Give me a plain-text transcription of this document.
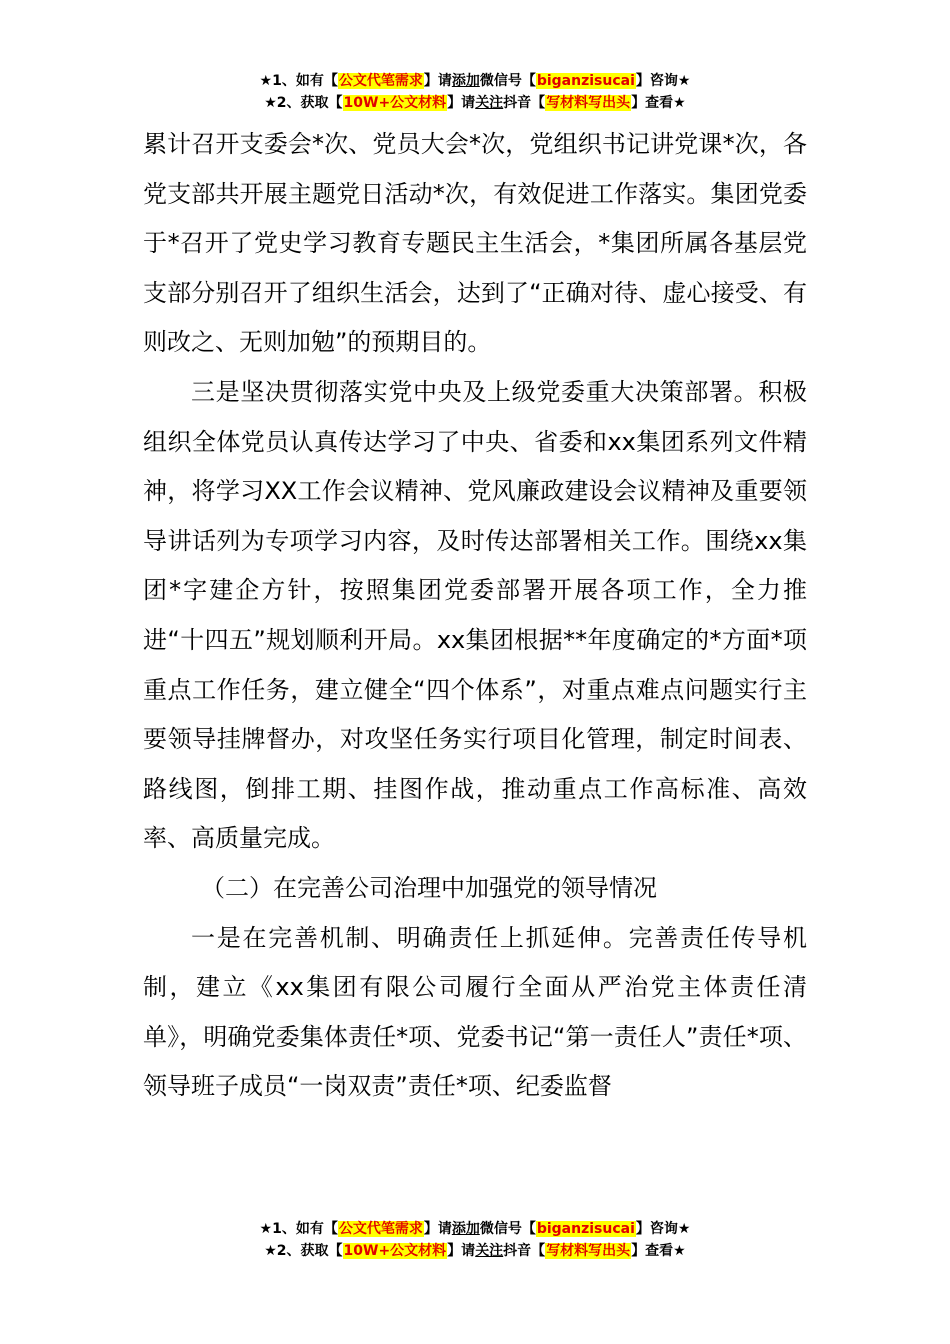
★1、如有【公文代笔需求】请添加微信号【biganzisucai】咨询★
★2、获取【10W+公文材料】请关注抖音【写材料写出头】查看★

累计召开支委会*次、党员大会*次，党组织书记讲党课*次，各党支部共开展主题党日活动*次，有效促进工作落实。集团党委于*召开了党史学习教育专题民主生活会，*集团所属各基层党支部分别召开了组织生活会，达到了“正确对待、虚心接受、有则改之、无则加勉”的预期目的。

三是坚决贯彻落实党中央及上级党委重大决策部署。积极组织全体党员认真传达学习了中央、省委和xx集团系列文件精神，将学习XX工作会议精神、党风廉政建设会议精神及重要领导讲话列为专项学习内容，及时传达部署相关工作。围绕xx集团*字建企方针，按照集团党委部署开展各项工作，全力推进“十四五”规划顺利开局。xx集团根据**年度确定的*方面*项重点工作任务，建立健全“四个体系”，对重点难点问题实行主要领导挂牌督办，对攻坚任务实行项目化管理，制定时间表、路线图，倒排工期、挂图作战，推动重点工作高标准、高效率、高质量完成。

（二）在完善公司治理中加强党的领导情况

一是在完善机制、明确责任上抓延伸。完善责任传导机制，建立《xx集团有限公司履行全面从严治党主体责任清单》，明确党委集体责任*项、党委书记“第一责任人”责任*项、领导班子成员“一岗双责”责任*项、纪委监督

★1、如有【公文代笔需求】请添加微信号【biganzisucai】咨询★
★2、获取【10W+公文材料】请关注抖音【写材料写出头】查看★
